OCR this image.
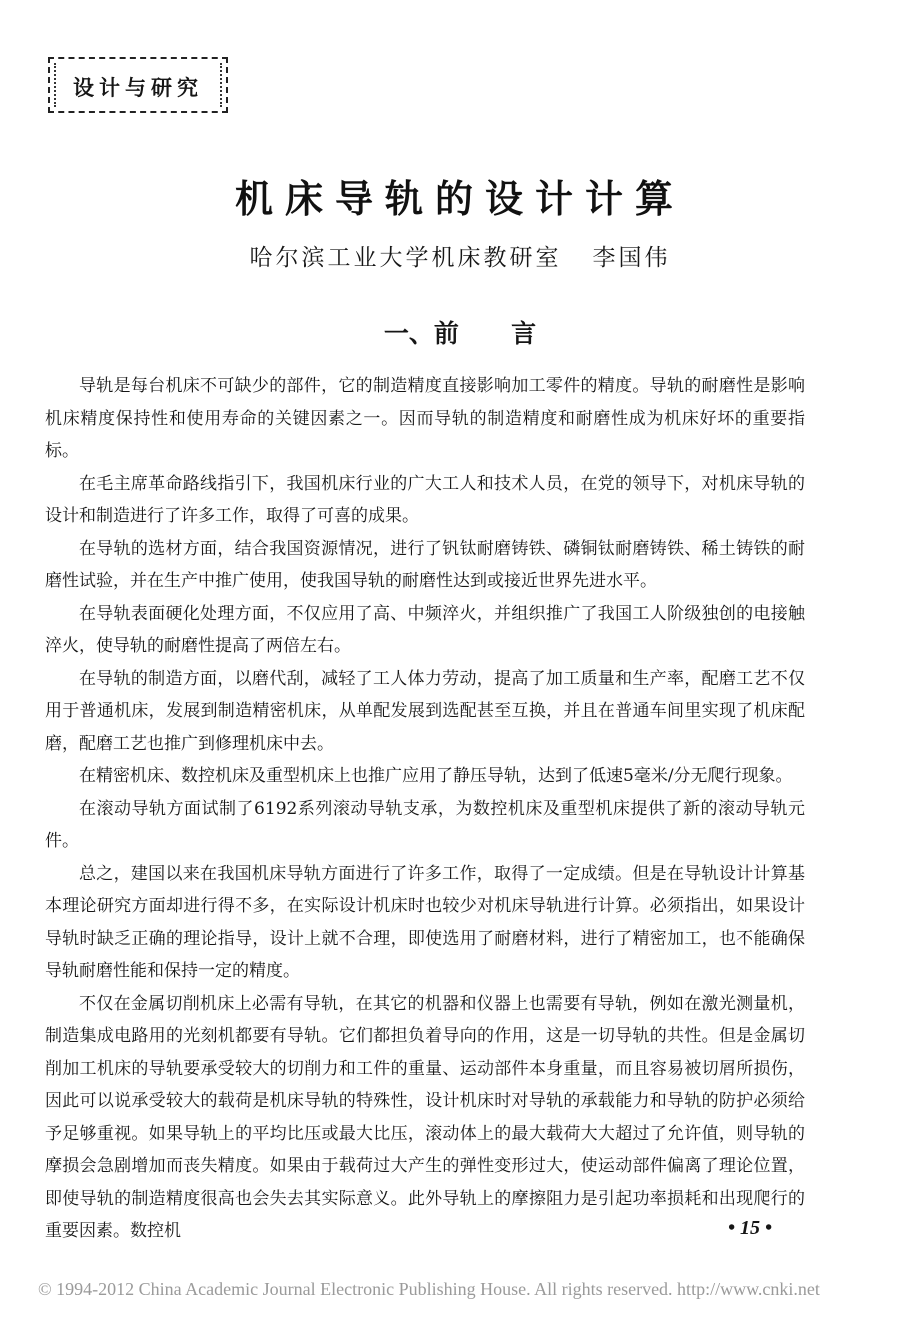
设计与研究
机床导轨的设计计算
哈尔滨工业大学机床教研室   李国伟
一、前      言

导轨是每台机床不可缺少的部件，它的制造精度直接影响加工零件的精度。导轨的耐磨性是影响机床精度保持性和使用寿命的关键因素之一。因而导轨的制造精度和耐磨性成为机床好坏的重要指标。

在毛主席革命路线指引下，我国机床行业的广大工人和技术人员，在党的领导下，对机床导轨的设计和制造进行了许多工作，取得了可喜的成果。

在导轨的选材方面，结合我国资源情况，进行了钒钛耐磨铸铁、磷铜钛耐磨铸铁、稀土铸铁的耐磨性试验，并在生产中推广使用，使我国导轨的耐磨性达到或接近世界先进水平。

在导轨表面硬化处理方面，不仅应用了高、中频淬火，并组织推广了我国工人阶级独创的电接触淬火，使导轨的耐磨性提高了两倍左右。

在导轨的制造方面，以磨代刮，减轻了工人体力劳动，提高了加工质量和生产率，配磨工艺不仅用于普通机床，发展到制造精密机床，从单配发展到选配甚至互换，并且在普通车间里实现了机床配磨，配磨工艺也推广到修理机床中去。

在精密机床、数控机床及重型机床上也推广应用了静压导轨，达到了低速5毫米/分无爬行现象。

在滚动导轨方面试制了6192系列滚动导轨支承，为数控机床及重型机床提供了新的滚动导轨元件。

总之，建国以来在我国机床导轨方面进行了许多工作，取得了一定成绩。但是在导轨设计计算基本理论研究方面却进行得不多，在实际设计机床时也较少对机床导轨进行计算。必须指出，如果设计导轨时缺乏正确的理论指导，设计上就不合理，即使选用了耐磨材料，进行了精密加工，也不能确保导轨耐磨性能和保持一定的精度。

不仅在金属切削机床上必需有导轨，在其它的机器和仪器上也需要有导轨，例如在激光测量机，制造集成电路用的光刻机都要有导轨。它们都担负着导向的作用，这是一切导轨的共性。但是金属切削加工机床的导轨要承受较大的切削力和工件的重量、运动部件本身重量，而且容易被切屑所损伤，因此可以说承受较大的载荷是机床导轨的特殊性，设计机床时对导轨的承载能力和导轨的防护必须给予足够重视。如果导轨上的平均比压或最大比压，滚动体上的最大载荷大大超过了允许值，则导轨的摩损会急剧增加而丧失精度。如果由于载荷过大产生的弹性变形过大，使运动部件偏离了理论位置，即使导轨的制造精度很高也会失去其实际意义。此外导轨上的摩擦阻力是引起功率损耗和出现爬行的重要因素。数控机	• 15 •
© 1994-2012 China Academic Journal Electronic Publishing House. All rights reserved. http://www.cnki.net
